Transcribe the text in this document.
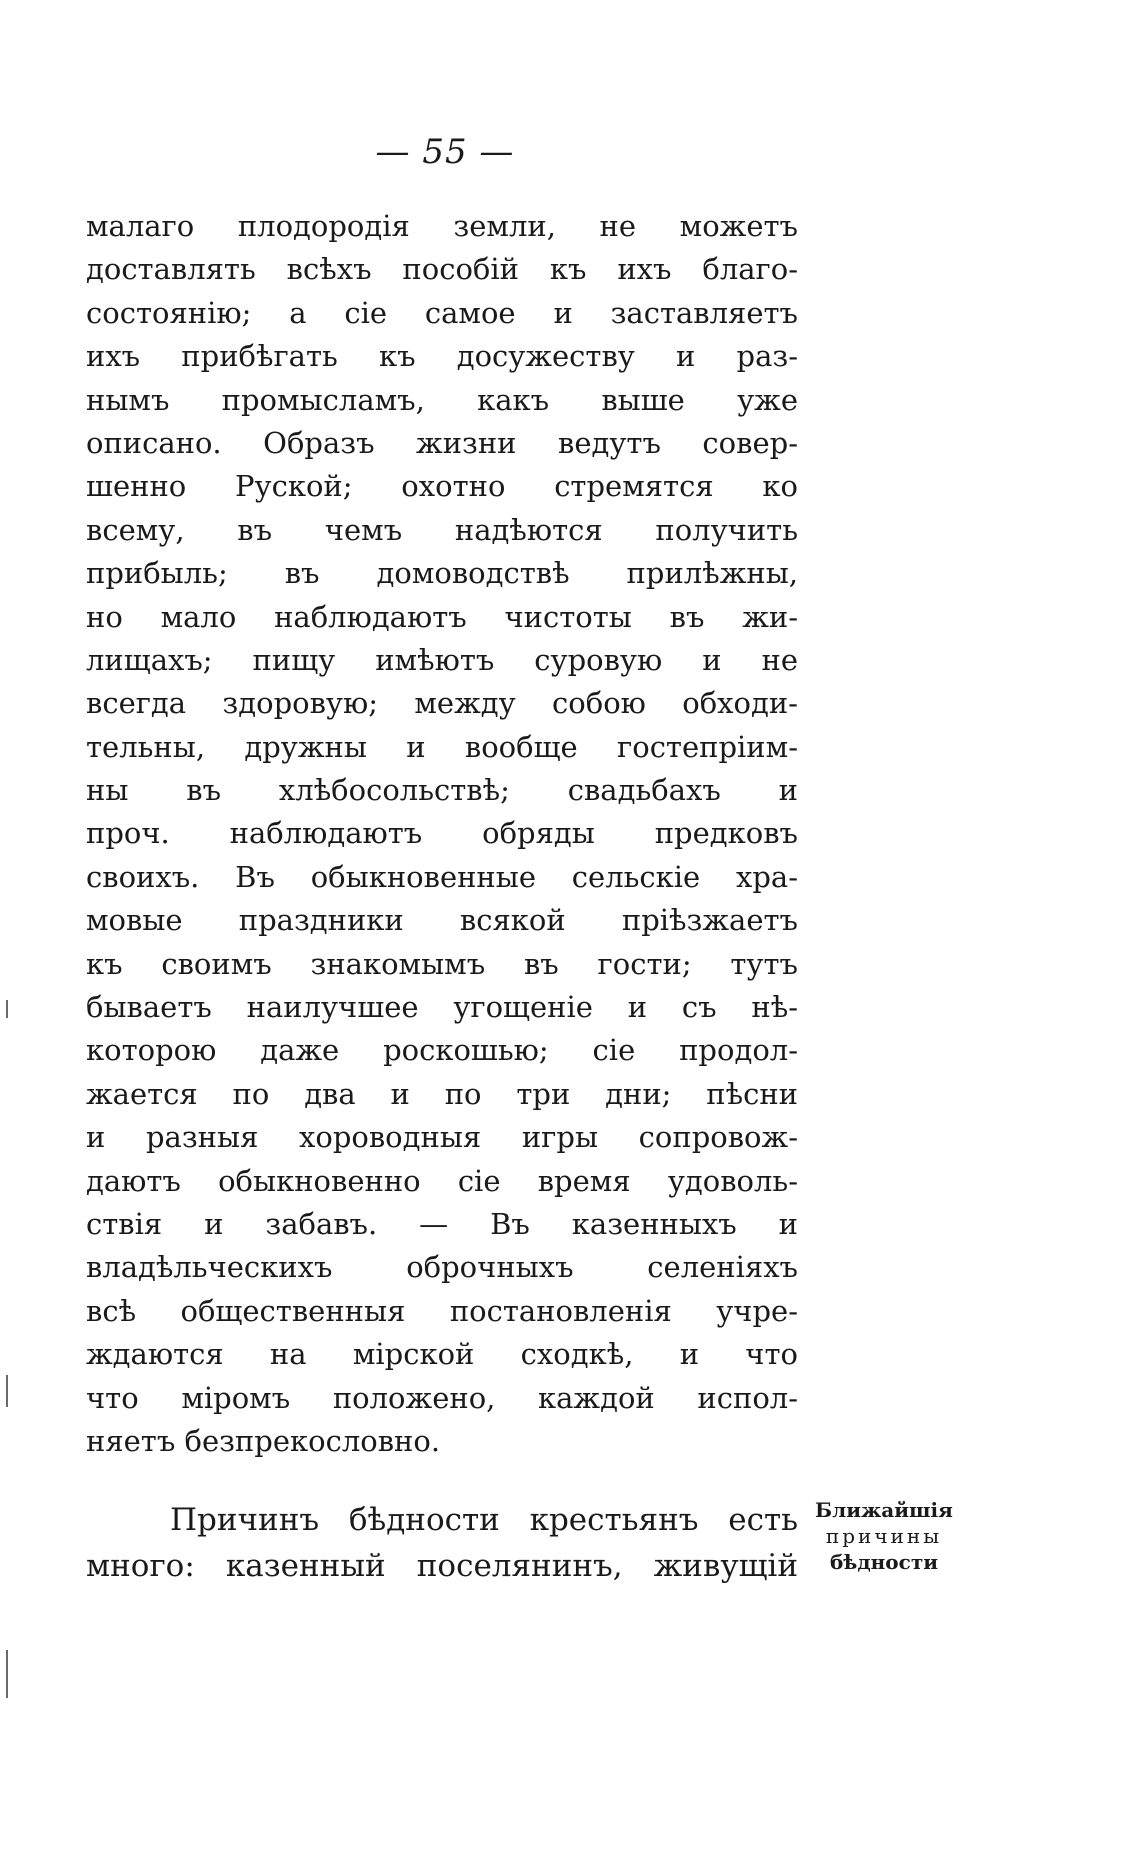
— 55 —
малаго плодородія земли, не можетъ
доставлять всѣхъ пособій къ ихъ благо-
состоянію; а сіе самое и заставляетъ
ихъ прибѣгать къ досужеству и раз-
нымъ промысламъ, какъ выше уже
описано. Образъ жизни ведутъ совер-
шенно Руской; охотно стремятся ко
всему, въ чемъ надѣются получить
прибыль; въ домоводствѣ прилѣжны,
но мало наблюдаютъ чистоты въ жи-
лищахъ; пищу имѣютъ суровую и не
всегда здоровую; между собою обходи-
тельны, дружны и вообще гостепріим-
ны въ хлѣбосольствѣ; свадьбахъ и
проч. наблюдаютъ обряды предковъ
своихъ. Въ обыкновенные сельскіе хра-
мовые праздники всякой пріѣзжаетъ
къ своимъ знакомымъ въ гости; тутъ
бываетъ наилучшее угощеніе и съ нѣ-
которою даже роскошью; сіе продол-
жается по два и по три дни; пѣсни
и разныя хороводныя игры сопровож-
даютъ обыкновенно сіе время удоволь-
ствія и забавъ. — Въ казенныхъ и
владѣльческихъ оброчныхъ селеніяхъ
всѣ общественныя постановленія учре-
ждаются на мірской сходкѣ, и что
что міромъ положено, каждой испол-
няетъ безпрекословно.
Причинъ бѣдности крестьянъ есть
много: казенный поселянинъ, живущій
Ближайшія
причины
бѣдности
